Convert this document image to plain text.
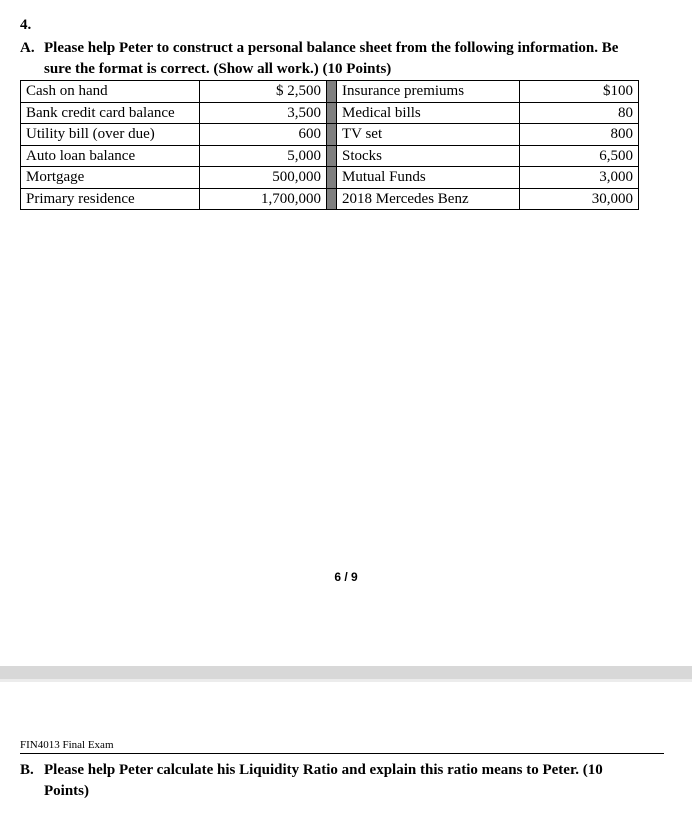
4.
A. Please help Peter to construct a personal balance sheet from the following information. Be
sure the format is correct. (Show all work.) (10 Points)
Cash on hand	$ 2,500		Insurance premiums	$100
Bank credit card balance	3,500		Medical bills	80
Utility bill (over due)	600		TV set	800
Auto loan balance	5,000		Stocks	6,500
Mortgage	500,000		Mutual Funds	3,000
Primary residence	1,700,000		2018 Mercedes Benz	30,000
6 / 9
FIN4013 Final Exam
B. Please help Peter calculate his Liquidity Ratio and explain this ratio means to Peter. (10
Points)
